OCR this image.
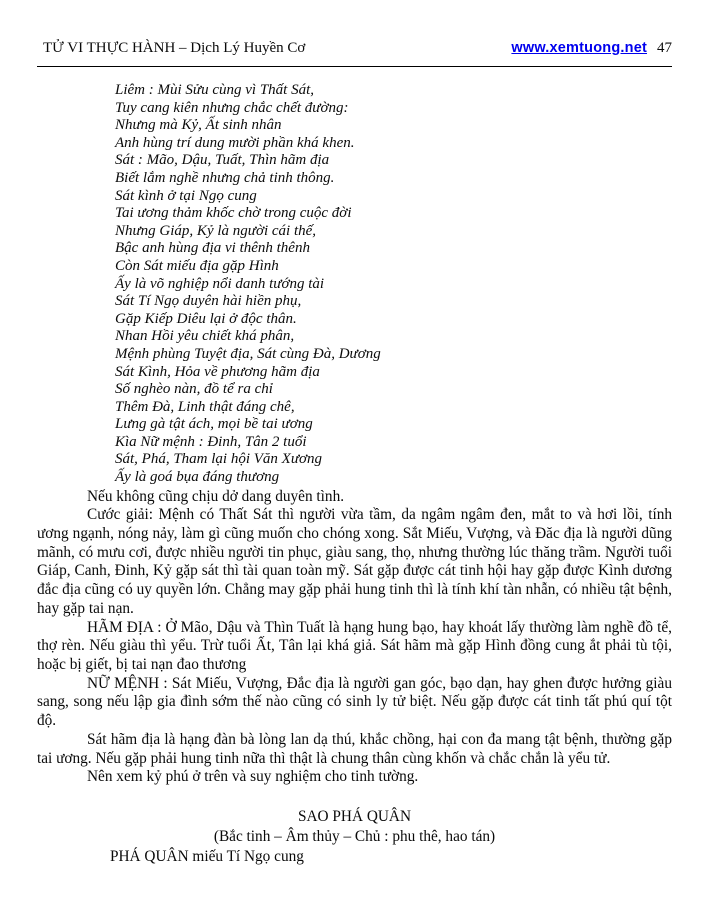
TỬ VI THỰC HÀNH – Dịch Lý Huyền Cơ	www.xemtuong.net 47
Liêm : Mùi Sửu cùng vì Thất Sát,
Tuy cang kiên nhưng chắc chết đường:
Nhưng mà Kỷ, Ất sinh nhân
Anh hùng trí dung mười phần khá khen.
Sát : Mão, Dậu, Tuất, Thìn hãm địa
Biết lắm nghề nhưng chả tinh thông.
Sát kình ở tại Ngọ cung
Tai ương thảm khốc chờ trong cuộc đời
Nhưng Giáp, Kỷ là người cái thế,
Bậc anh hùng địa vi thênh thênh
Còn Sát miếu địa gặp Hình
Ấy là võ nghiệp nổi danh tướng tài
Sát Tí Ngọ duyên hài hiền phụ,
Gặp Kiếp Diêu lại ở độc thân.
Nhan Hồi yêu chiết khá phân,
Mệnh phùng Tuyệt địa, Sát cùng Đà, Dương
Sát Kình, Hỏa về phương hãm địa
Số nghèo nàn, đồ tể ra chỉ
Thêm Đà, Linh thật đáng chê,
Lưng gà tật ách, mọi bề tai ương
Kìa Nữ mệnh : Đinh, Tân 2 tuổi
Sát, Phá, Tham lại hội Văn Xương
Ấy là goá bụa đáng thương

Nếu không cũng chịu dở dang duyên tình.

Cước giải: Mệnh có Thất Sát thì người vừa tầm, da ngâm ngâm đen, mắt to và hơi lồi, tính ương ngạnh, nóng nảy, làm gì cũng muốn cho chóng xong. Sắt Miếu, Vượng, và Đăc địa là người dũng mãnh, có mưu cơi, được nhiều người tin phục, giàu sang, thọ, nhưng thường lúc thăng trầm. Người tuổi Giáp, Canh, Đinh, Kỷ gặp sát thì tài quan toàn mỹ. Sát gặp được cát tinh hội hay gặp được Kình dương đắc địa cũng có uy quyền lớn. Chẳng may gặp phải hung tinh thì là tính khí tàn nhẫn, có nhiều tật bệnh, hay gặp tai nạn.

HÃM ĐỊA : Ở Mão, Dậu và Thìn Tuất là hạng hung bạo, hay khoát lấy thường làm nghề đồ tể, thợ rèn. Nếu giàu thì yểu. Trừ tuổi Ất, Tân lại khá giả. Sát hãm mà gặp Hình đồng cung ắt phải tù tội, hoặc bị giết, bị tai nạn đao thương

NỮ MỆNH : Sát Miếu, Vượng, Đắc địa là người gan góc, bạo dạn, hay ghen được hưởng giàu sang, song nếu lập gia đình sớm thế nào cũng có sinh ly tử biệt. Nếu gặp được cát tinh tất phú quí tột độ.

Sát hãm địa là hạng đàn bà lòng lan dạ thú, khắc chồng, hại con đa mang tật bệnh, thường gặp tai ương. Nếu gặp phải hung tinh nữa thì thật là chung thân cùng khốn và chắc chắn là yểu tử.

Nên xem kỷ phú ở trên và suy nghiệm cho tinh tường.

SAO PHÁ QUÂN
(Bắc tinh – Âm thủy – Chủ : phu thê, hao tán)
PHÁ QUÂN miếu Tí Ngọ cung
